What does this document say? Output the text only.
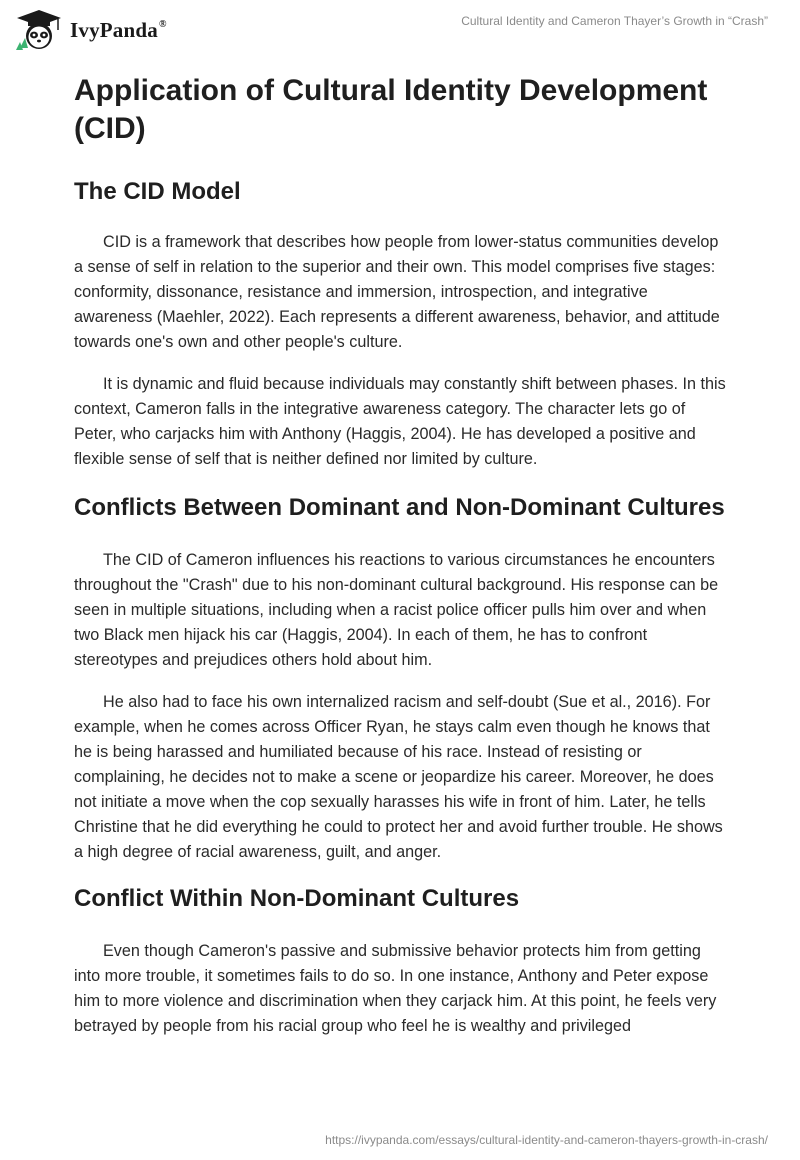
IvyPanda®	Cultural Identity and Cameron Thayer’s Growth in “Crash”
Application of Cultural Identity Development (CID)
The CID Model

CID is a framework that describes how people from lower-status communities develop a sense of self in relation to the superior and their own. This model comprises five stages: conformity, dissonance, resistance and immersion, introspection, and integrative awareness (Maehler, 2022). Each represents a different awareness, behavior, and attitude towards one's own and other people's culture.

It is dynamic and fluid because individuals may constantly shift between phases. In this context, Cameron falls in the integrative awareness category. The character lets go of Peter, who carjacks him with Anthony (Haggis, 2004). He has developed a positive and flexible sense of self that is neither defined nor limited by culture.

Conflicts Between Dominant and Non-Dominant Cultures

The CID of Cameron influences his reactions to various circumstances he encounters throughout the "Crash" due to his non-dominant cultural background. His response can be seen in multiple situations, including when a racist police officer pulls him over and when two Black men hijack his car (Haggis, 2004). In each of them, he has to confront stereotypes and prejudices others hold about him.

He also had to face his own internalized racism and self-doubt (Sue et al., 2016). For example, when he comes across Officer Ryan, he stays calm even though he knows that he is being harassed and humiliated because of his race. Instead of resisting or complaining, he decides not to make a scene or jeopardize his career. Moreover, he does not initiate a move when the cop sexually harasses his wife in front of him. Later, he tells Christine that he did everything he could to protect her and avoid further trouble. He shows a high degree of racial awareness, guilt, and anger.

Conflict Within Non-Dominant Cultures

Even though Cameron's passive and submissive behavior protects him from getting into more trouble, it sometimes fails to do so. In one instance, Anthony and Peter expose him to more violence and discrimination when they carjack him. At this point, he feels very betrayed by people from his racial group who feel he is wealthy and privileged

https://ivypanda.com/essays/cultural-identity-and-cameron-thayers-growth-in-crash/
